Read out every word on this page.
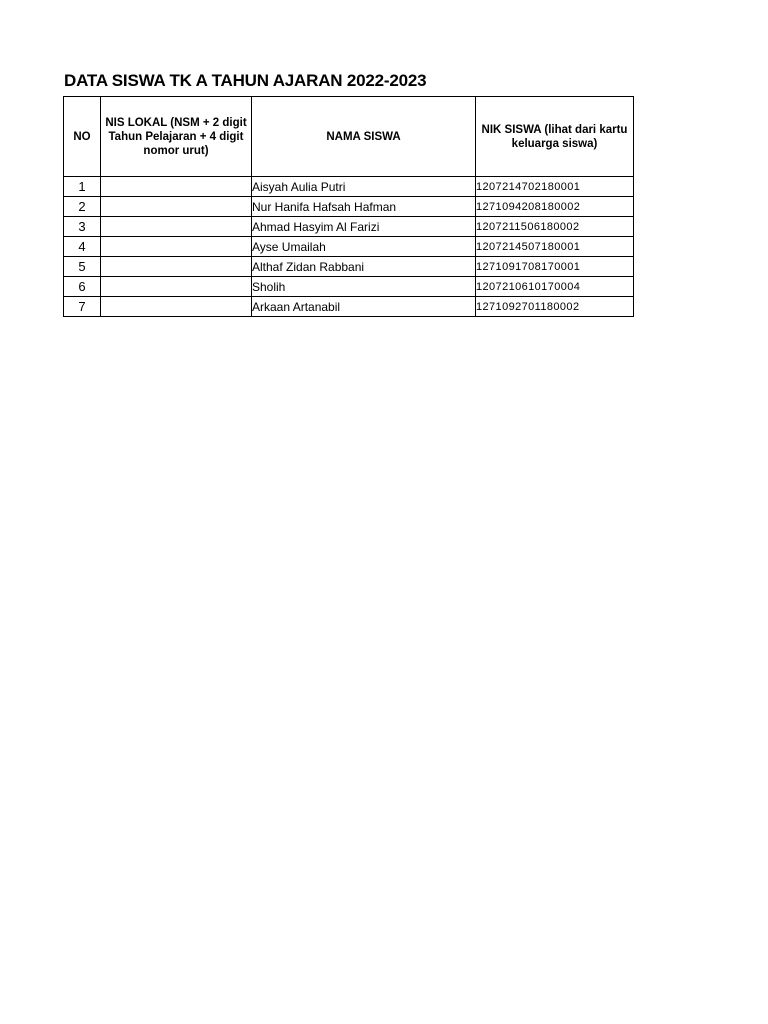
DATA SISWA TK A TAHUN AJARAN 2022-2023
NO	NIS LOKAL (NSM + 2 digit Tahun Pelajaran + 4 digit nomor urut)	NAMA SISWA	NIK SISWA (lihat dari kartu keluarga siswa)
1		Aisyah Aulia Putri	1207214702180001
2		Nur Hanifa Hafsah Hafman	1271094208180002
3		Ahmad Hasyim Al Farizi	1207211506180002
4		Ayse Umailah	1207214507180001
5		Althaf Zidan Rabbani	1271091708170001
6		Sholih	1207210610170004
7		Arkaan Artanabil	1271092701180002
